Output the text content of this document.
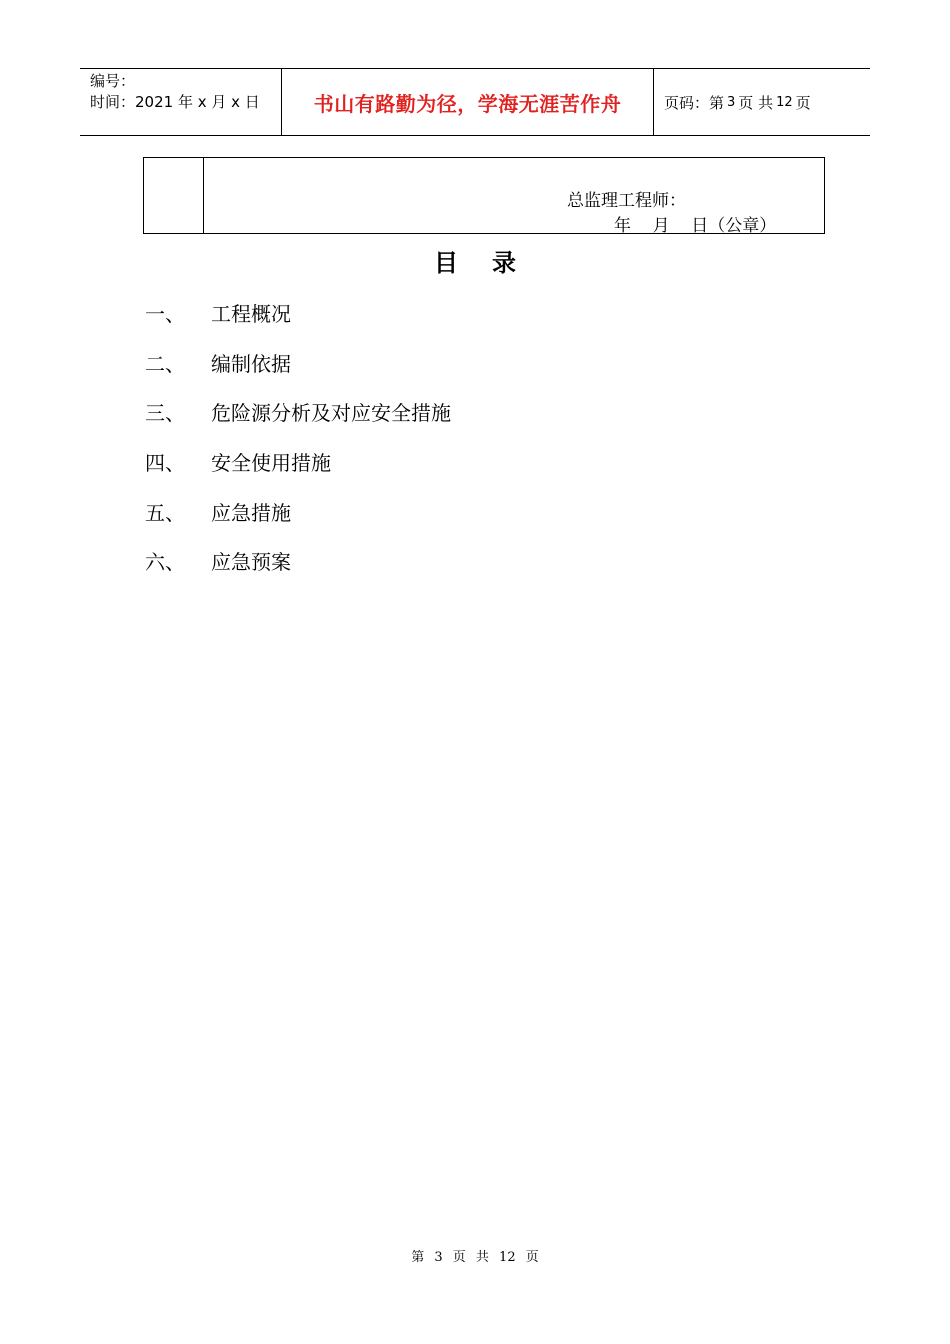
编号：
时间：2021 年 x 月 x 日	书山有路勤为径，学海无涯苦作舟	页码：第 3 页 共 12 页
总监理工程师：
年    月    日（公章）
目录
一、	工程概况
二、	编制依据
三、	危险源分析及对应安全措施
四、	安全使用措施
五、	应急措施
六、	应急预案
第 3 页 共 12 页
